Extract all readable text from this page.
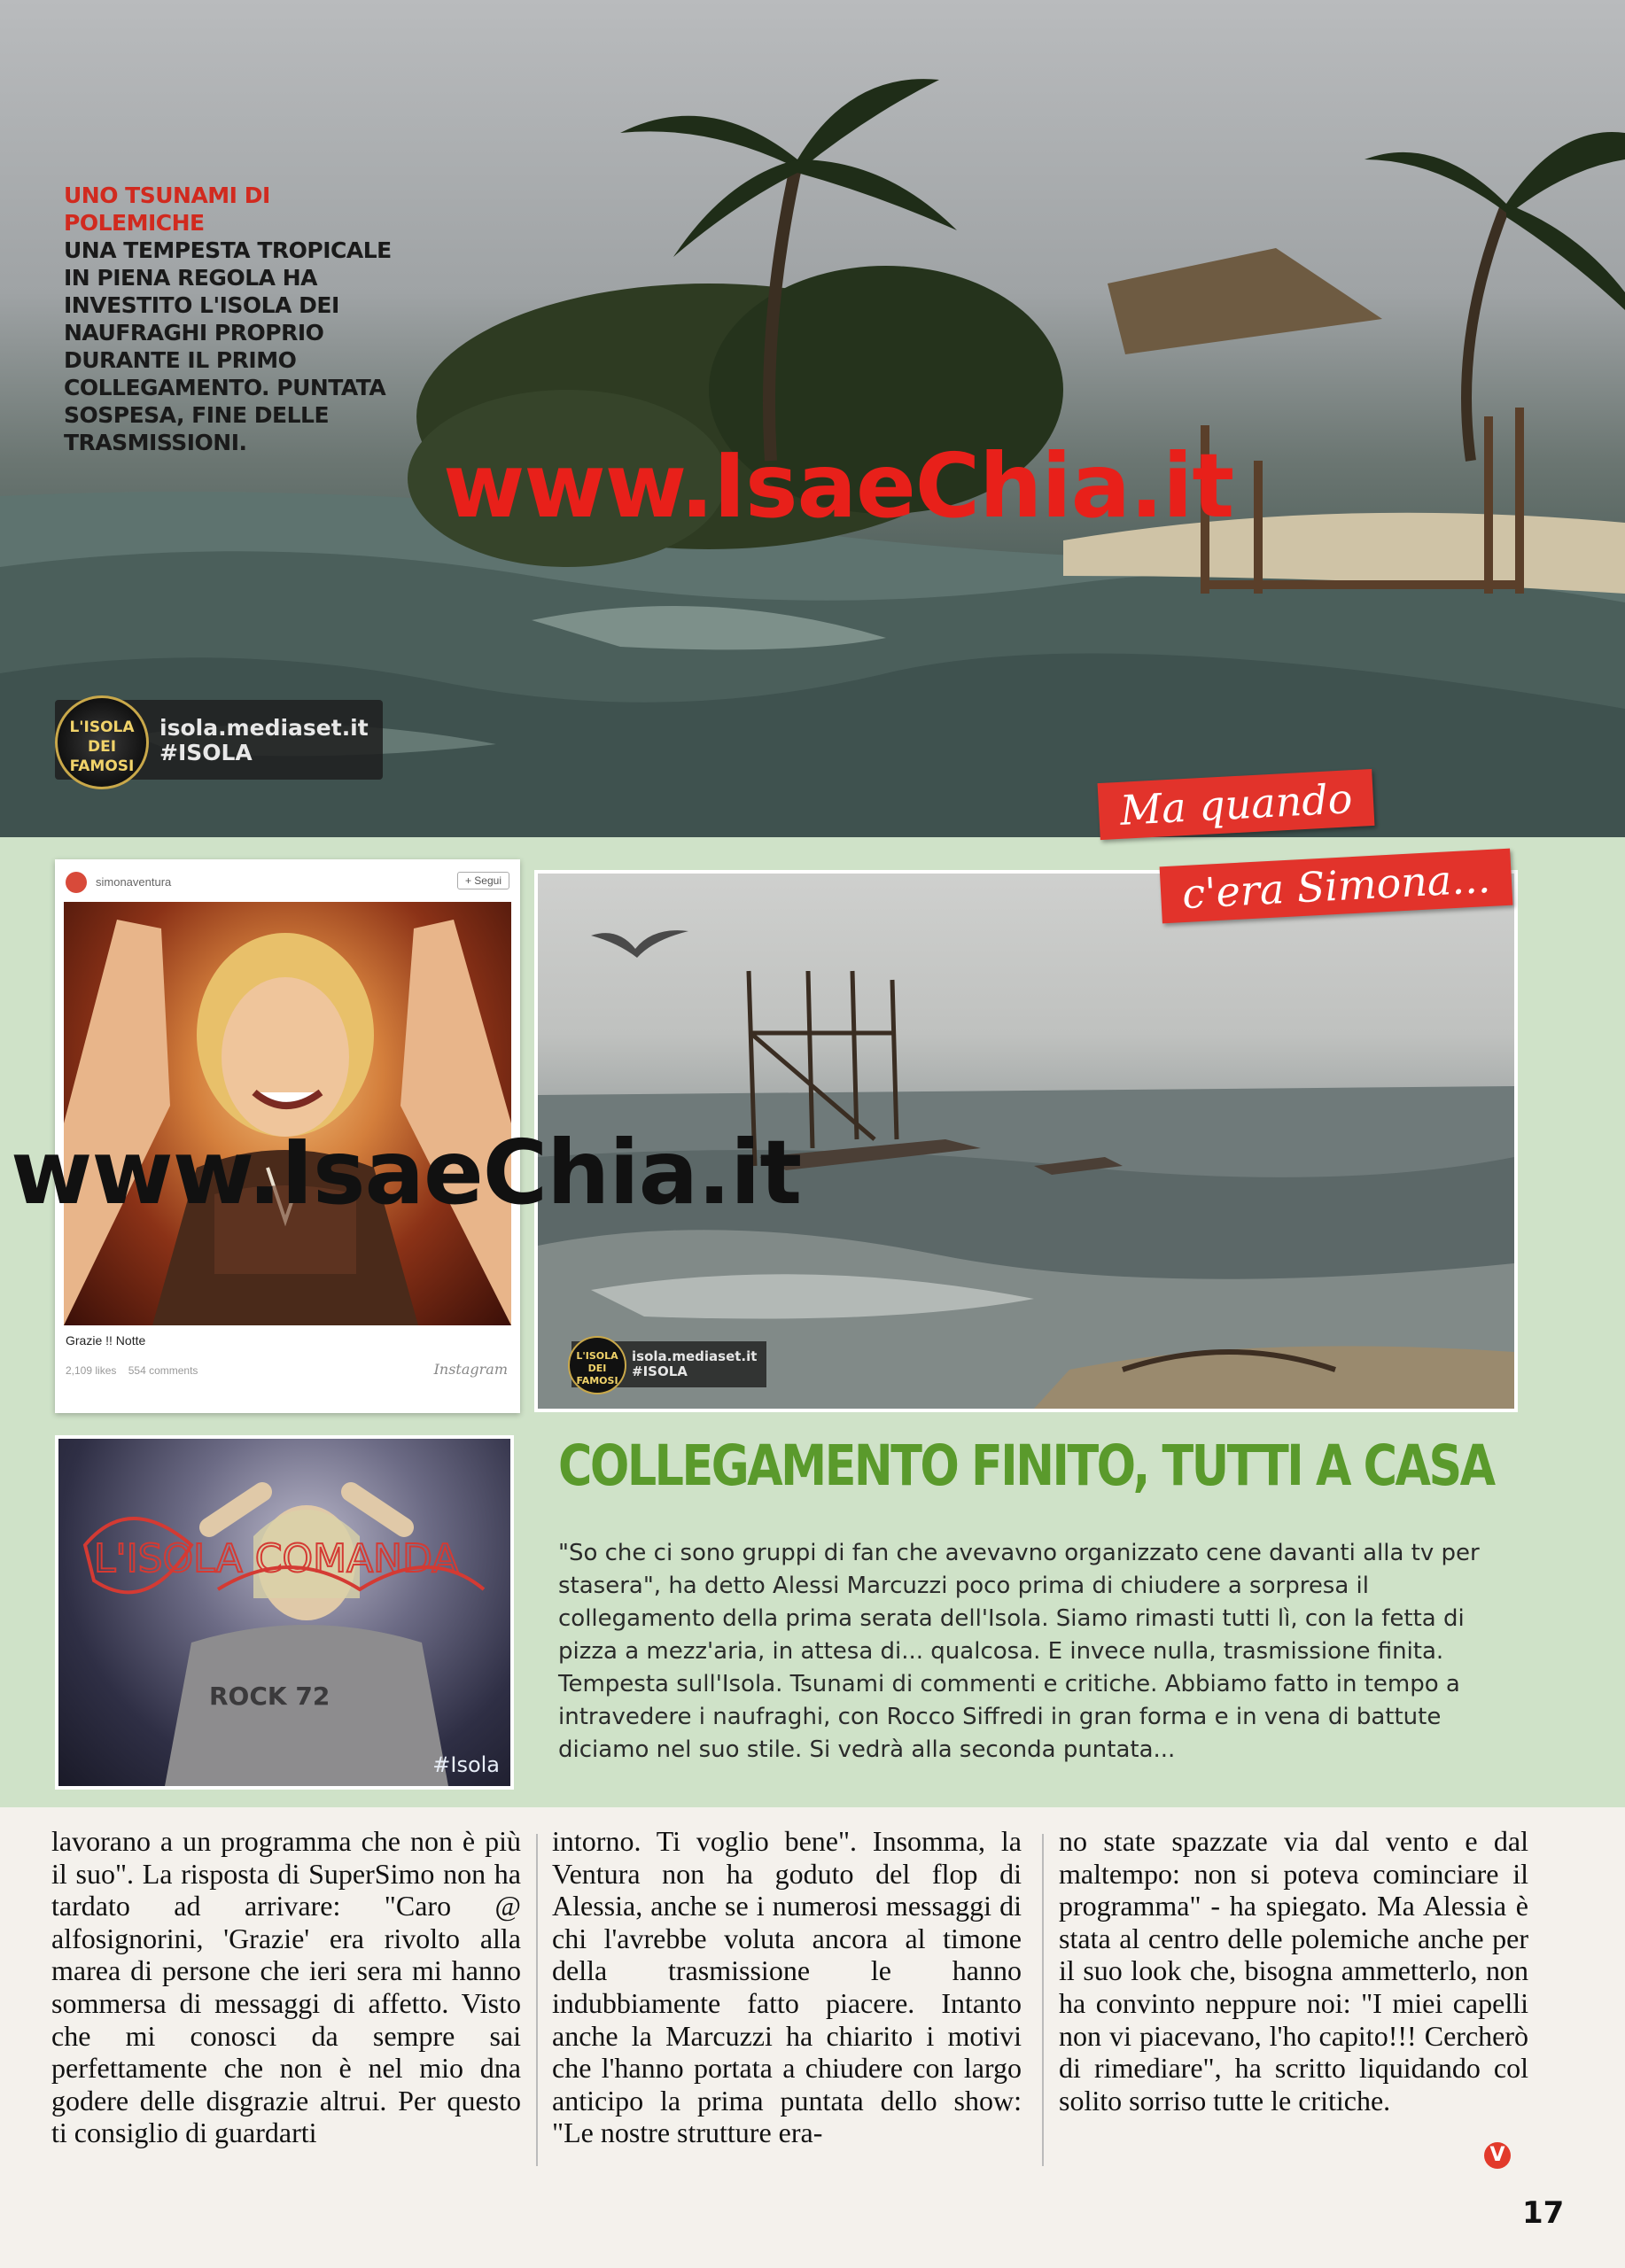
UNO TSUNAMI DI POLEMICHE
UNA TEMPESTA TROPICALE IN PIENA REGOLA HA INVESTITO L'ISOLA DEI NAUFRAGHI PROPRIO DURANTE IL PRIMO COLLEGAMENTO. PUNTATA SOSPESA, FINE DELLE TRASMISSIONI.
L'ISOLA DEI FAMOSI
isola.mediaset.it
#ISOLA
www.IsaeChia.it
simonaventura	+ Segui
Grazie !! Notte
2,109 likes 554 comments	Instagram
L'ISOLA DEI FAMOSI
isola.mediaset.it
#ISOLA
Ma quando
c'era Simona...
www.IsaeChia.it
ROCK 72
L'ISOLA COMANDA
#Isola
COLLEGAMENTO FINITO, TUTTI A CASA
"So che ci sono gruppi di fan che avevavno organizzato cene davanti alla tv per stasera", ha detto Alessi Marcuzzi poco prima di chiudere a sorpresa il collegamento della prima serata dell'Isola. Siamo rimasti tutti lì, con la fetta di pizza a mezz'aria, in attesa di... qualcosa. E invece nulla, trasmissione finita. Tempesta sull'Isola. Tsunami di commenti e critiche. Abbiamo fatto in tempo a intravedere i naufraghi, con Rocco Siffredi in gran forma e in vena di battute diciamo nel suo stile. Si vedrà alla seconda puntata...
lavorano a un programma che non è più il suo". La risposta di SuperSimo non ha tardato ad arrivare: "Caro @ alfosignorini, 'Grazie' era rivolto alla marea di persone che ieri sera mi hanno sommersa di messaggi di affetto. Visto che mi conosci da sempre sai perfettamente che non è nel mio dna godere delle disgrazie altrui. Per questo ti consiglio di guardarti
intorno. Ti voglio bene". Insomma, la Ventura non ha goduto del flop di Alessia, anche se i numerosi messaggi di chi l'avrebbe voluta ancora al timone della trasmissione le hanno indubbiamente fatto piacere. Intanto anche la Marcuzzi ha chiarito i motivi che l'hanno portata a chiudere con largo anticipo la prima puntata dello show: "Le nostre strutture era-
no state spazzate via dal vento e dal maltempo: non si poteva cominciare il programma" - ha spiegato. Ma Alessia è stata al centro delle polemiche anche per il suo look che, bisogna ammetterlo, non ha convinto neppure noi: "I miei capelli non vi piacevano, l'ho capito!!! Cercherò di rimediare", ha scritto liquidando col solito sorriso tutte le critiche.
V
17
